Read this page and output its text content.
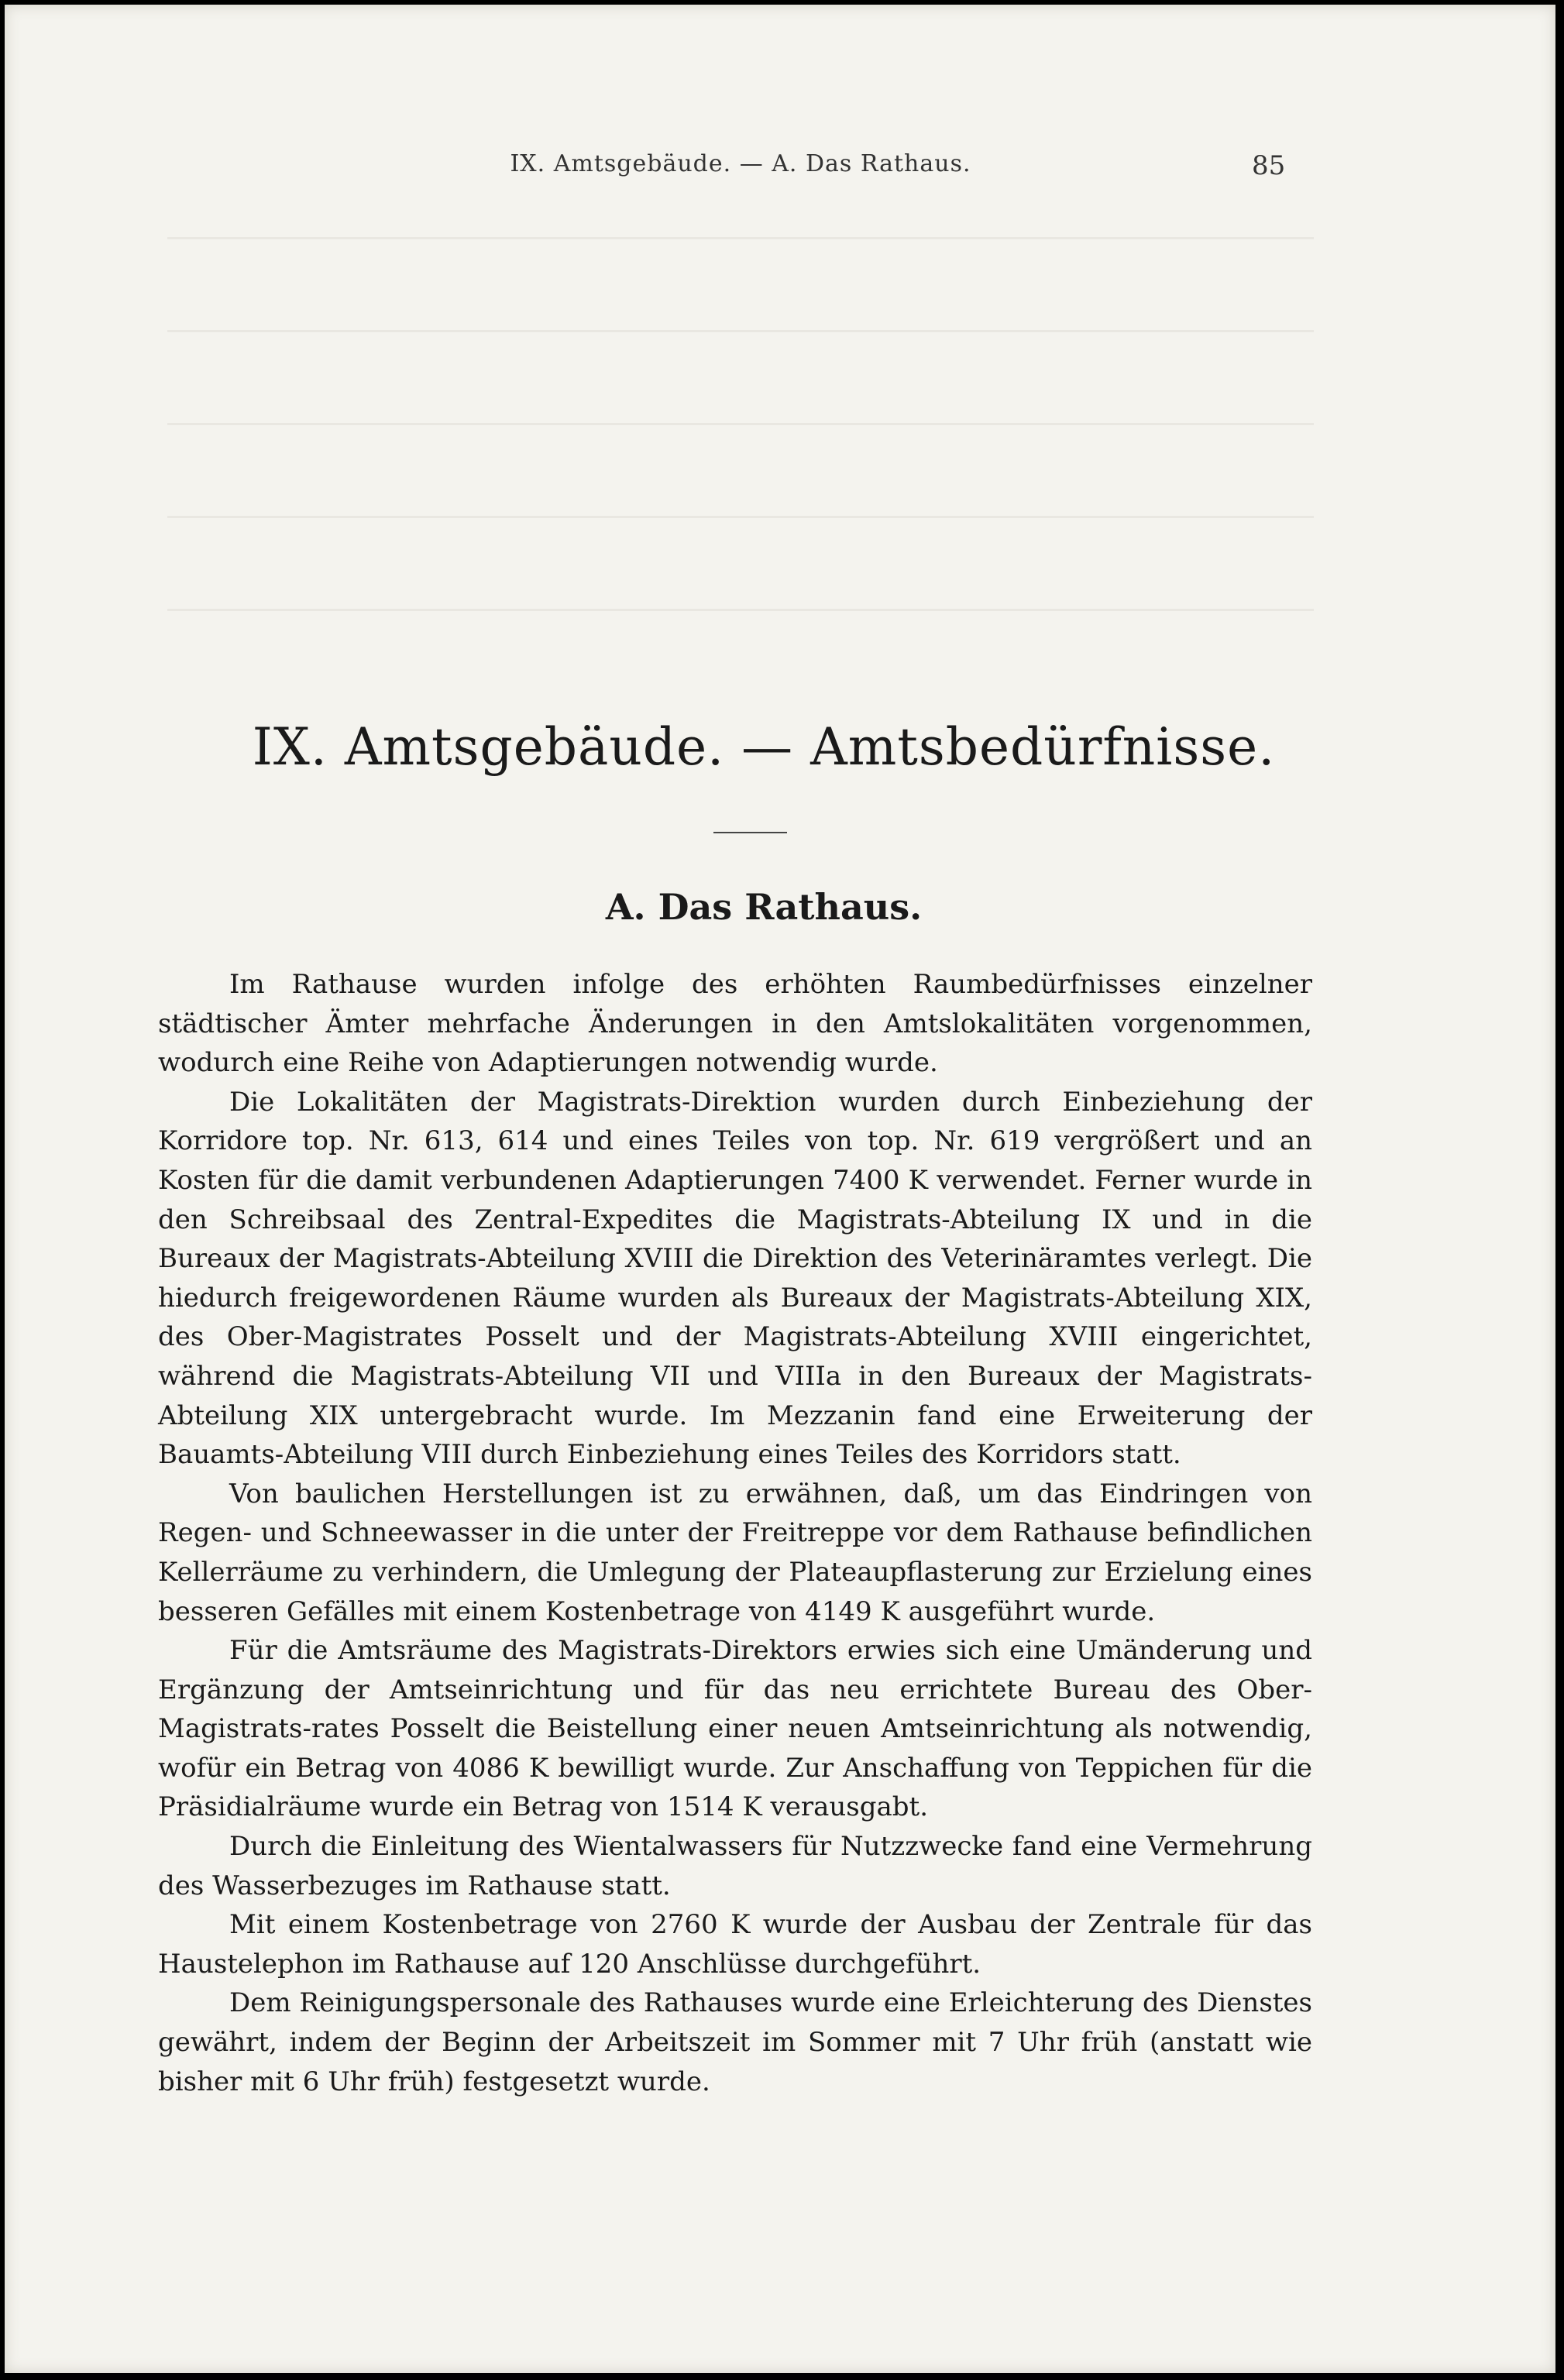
IX. Amtsgebäude. — A. Das Rathaus.	85
IX. Amtsgebäude. — Amtsbedürfnisse.
A. Das Rathaus.

Im Rathause wurden infolge des erhöhten Raumbedürfnisses einzelner städtischer Ämter mehrfache Änderungen in den Amtslokalitäten vorgenommen, wodurch eine Reihe von Adaptierungen notwendig wurde.

Die Lokalitäten der Magistrats-Direktion wurden durch Einbeziehung der Korridore top. Nr. 613, 614 und eines Teiles von top. Nr. 619 vergrößert und an Kosten für die damit verbundenen Adaptierungen 7400 K verwendet. Ferner wurde in den Schreibsaal des Zentral-Expedites die Magistrats-Abteilung IX und in die Bureaux der Magistrats-Abteilung XVIII die Direktion des Veterinäramtes verlegt. Die hiedurch freigewordenen Räume wurden als Bureaux der Magistrats-Abteilung XIX, des Ober-Magistrates Posselt und der Magistrats-Abteilung XVIII eingerichtet, während die Magistrats-Abteilung VII und VIIIa in den Bureaux der Magistrats-Abteilung XIX untergebracht wurde. Im Mezzanin fand eine Erweiterung der Bauamts-Abteilung VIII durch Einbeziehung eines Teiles des Korridors statt.

Von baulichen Herstellungen ist zu erwähnen, daß, um das Eindringen von Regen- und Schneewasser in die unter der Freitreppe vor dem Rathause befindlichen Kellerräume zu verhindern, die Umlegung der Plateaupflasterung zur Erzielung eines besseren Gefälles mit einem Kostenbetrage von 4149 K ausgeführt wurde.

Für die Amtsräume des Magistrats-Direktors erwies sich eine Umänderung und Ergänzung der Amtseinrichtung und für das neu errichtete Bureau des Ober-Magistrats-rates Posselt die Beistellung einer neuen Amtseinrichtung als notwendig, wofür ein Betrag von 4086 K bewilligt wurde. Zur Anschaffung von Teppichen für die Präsidialräume wurde ein Betrag von 1514 K verausgabt.

Durch die Einleitung des Wientalwassers für Nutzzwecke fand eine Vermehrung des Wasserbezuges im Rathause statt.

Mit einem Kostenbetrage von 2760 K wurde der Ausbau der Zentrale für das Haustelephon im Rathause auf 120 Anschlüsse durchgeführt.

Dem Reinigungspersonale des Rathauses wurde eine Erleichterung des Dienstes gewährt, indem der Beginn der Arbeitszeit im Sommer mit 7 Uhr früh (anstatt wie bisher mit 6 Uhr früh) festgesetzt wurde.
